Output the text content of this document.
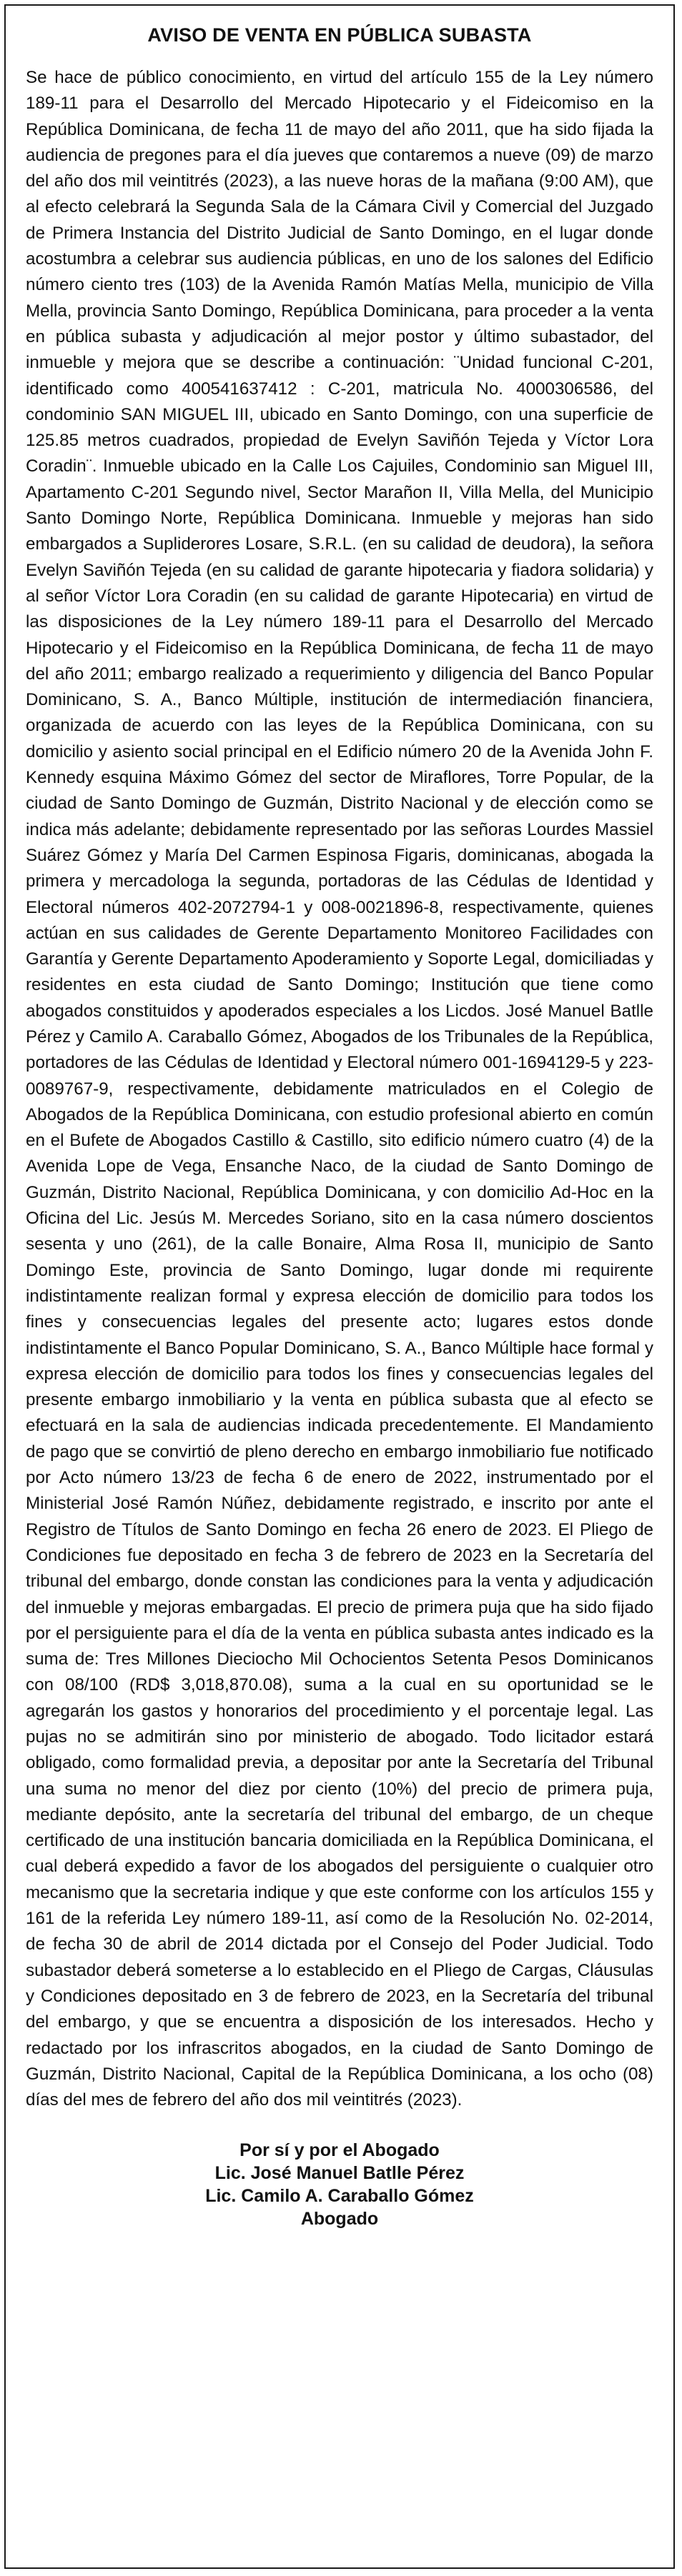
AVISO DE VENTA EN PÚBLICA SUBASTA

Se hace de público conocimiento, en virtud del artículo 155 de la Ley número 189-11 para el Desarrollo del Mercado Hipotecario y el Fideicomiso en la República Dominicana, de fecha 11 de mayo del año 2011, que ha sido fijada la audiencia de pregones para el día jueves que contaremos a nueve (09) de marzo del año dos mil veintitrés (2023), a las nueve horas de la mañana (9:00 AM), que al efecto celebrará la Segunda Sala de la Cámara Civil y Comercial del Juzgado de Primera Instancia del Distrito Judicial de Santo Domingo, en el lugar donde acostumbra a celebrar sus audiencia públicas, en uno de los salones del Edificio número ciento tres (103) de la Avenida Ramón Matías Mella, municipio de Villa Mella, provincia Santo Domingo, República Dominicana, para proceder a la venta en pública subasta y adjudicación al mejor postor y último subastador, del inmueble y mejora que se describe a continuación: ¨Unidad funcional C-201, identificado como 400541637412 : C-201, matricula No. 4000306586, del condominio SAN MIGUEL III, ubicado en Santo Domingo, con una superficie de 125.85 metros cuadrados, propiedad de Evelyn Saviñón Tejeda y Víctor Lora Coradin¨. Inmueble ubicado en la Calle Los Cajuiles, Condominio san Miguel III, Apartamento C-201 Segundo nivel, Sector Marañon II, Villa Mella, del Municipio Santo Domingo Norte, República Dominicana. Inmueble y mejoras han sido embargados a Supliderores Losare, S.R.L. (en su calidad de deudora), la señora Evelyn Saviñón Tejeda (en su calidad de garante hipotecaria y fiadora solidaria) y al señor Víctor Lora Coradin (en su calidad de garante Hipotecaria) en virtud de las disposiciones de la Ley número 189-11 para el Desarrollo del Mercado Hipotecario y el Fideicomiso en la República Dominicana, de fecha 11 de mayo del año 2011; embargo realizado a requerimiento y diligencia del Banco Popular Dominicano, S. A., Banco Múltiple, institución de intermediación financiera, organizada de acuerdo con las leyes de la República Dominicana, con su domicilio y asiento social principal en el Edificio número 20 de la Avenida John F. Kennedy esquina Máximo Gómez del sector de Miraflores, Torre Popular, de la ciudad de Santo Domingo de Guzmán, Distrito Nacional y de elección como se indica más adelante; debidamente representado por las señoras Lourdes Massiel Suárez Gómez y María Del Carmen Espinosa Figaris, dominicanas, abogada la primera y mercadologa la segunda, portadoras de las Cédulas de Identidad y Electoral números 402-2072794-1 y 008-0021896-8, respectivamente, quienes actúan en sus calidades de Gerente Departamento Monitoreo Facilidades con Garantía y Gerente Departamento Apoderamiento y Soporte Legal, domiciliadas y residentes en esta ciudad de Santo Domingo; Institución que tiene como abogados constituidos y apoderados especiales a los Licdos. José Manuel Batlle Pérez y Camilo A. Caraballo Gómez, Abogados de los Tribunales de la República, portadores de las Cédulas de Identidad y Electoral número 001-1694129-5 y 223-0089767-9, respectivamente, debidamente matriculados en el Colegio de Abogados de la República Dominicana, con estudio profesional abierto en común en el Bufete de Abogados Castillo & Castillo, sito edificio número cuatro (4) de la Avenida Lope de Vega, Ensanche Naco, de la ciudad de Santo Domingo de Guzmán, Distrito Nacional, República Dominicana, y con domicilio Ad-Hoc en la Oficina del Lic. Jesús M. Mercedes Soriano, sito en la casa número doscientos sesenta y uno (261), de la calle Bonaire, Alma Rosa II, municipio de Santo Domingo Este, provincia de Santo Domingo, lugar donde mi requirente indistintamente realizan formal y expresa elección de domicilio para todos los fines y consecuencias legales del presente acto; lugares estos donde indistintamente el Banco Popular Dominicano, S. A., Banco Múltiple hace formal y expresa elección de domicilio para todos los fines y consecuencias legales del presente embargo inmobiliario y la venta en pública subasta que al efecto se efectuará en la sala de audiencias indicada precedentemente. El Mandamiento de pago que se convirtió de pleno derecho en embargo inmobiliario fue notificado por Acto número 13/23 de fecha 6 de enero de 2022, instrumentado por el Ministerial José Ramón Núñez, debidamente registrado, e inscrito por ante el Registro de Títulos de Santo Domingo en fecha 26 enero de 2023. El Pliego de Condiciones fue depositado en fecha 3 de febrero de 2023 en la Secretaría del tribunal del embargo, donde constan las condiciones para la venta y adjudicación del inmueble y mejoras embargadas. El precio de primera puja que ha sido fijado por el persiguiente para el día de la venta en pública subasta antes indicado es la suma de: Tres Millones Dieciocho Mil Ochocientos Setenta Pesos Dominicanos con 08/100 (RD$ 3,018,870.08), suma a la cual en su oportunidad se le agregarán los gastos y honorarios del procedimiento y el porcentaje legal. Las pujas no se admitirán sino por ministerio de abogado. Todo licitador estará obligado, como formalidad previa, a depositar por ante la Secretaría del Tribunal una suma no menor del diez por ciento (10%) del precio de primera puja, mediante depósito, ante la secretaría del tribunal del embargo, de un cheque certificado de una institución bancaria domiciliada en la República Dominicana, el cual deberá expedido a favor de los abogados del persiguiente o cualquier otro mecanismo que la secretaria indique y que este conforme con los artículos 155 y 161 de la referida Ley número 189-11, así como de la Resolución No. 02-2014, de fecha 30 de abril de 2014 dictada por el Consejo del Poder Judicial. Todo subastador deberá someterse a lo establecido en el Pliego de Cargas, Cláusulas y Condiciones depositado en 3 de febrero de 2023, en la Secretaría del tribunal del embargo, y que se encuentra a disposición de los interesados. Hecho y redactado por los infrascritos abogados, en la ciudad de Santo Domingo de Guzmán, Distrito Nacional, Capital de la República Dominicana, a los ocho (08) días del mes de febrero del año dos mil veintitrés (2023).

Por sí y por el Abogado
Lic. José Manuel Batlle Pérez
Lic. Camilo A. Caraballo Gómez
Abogado
